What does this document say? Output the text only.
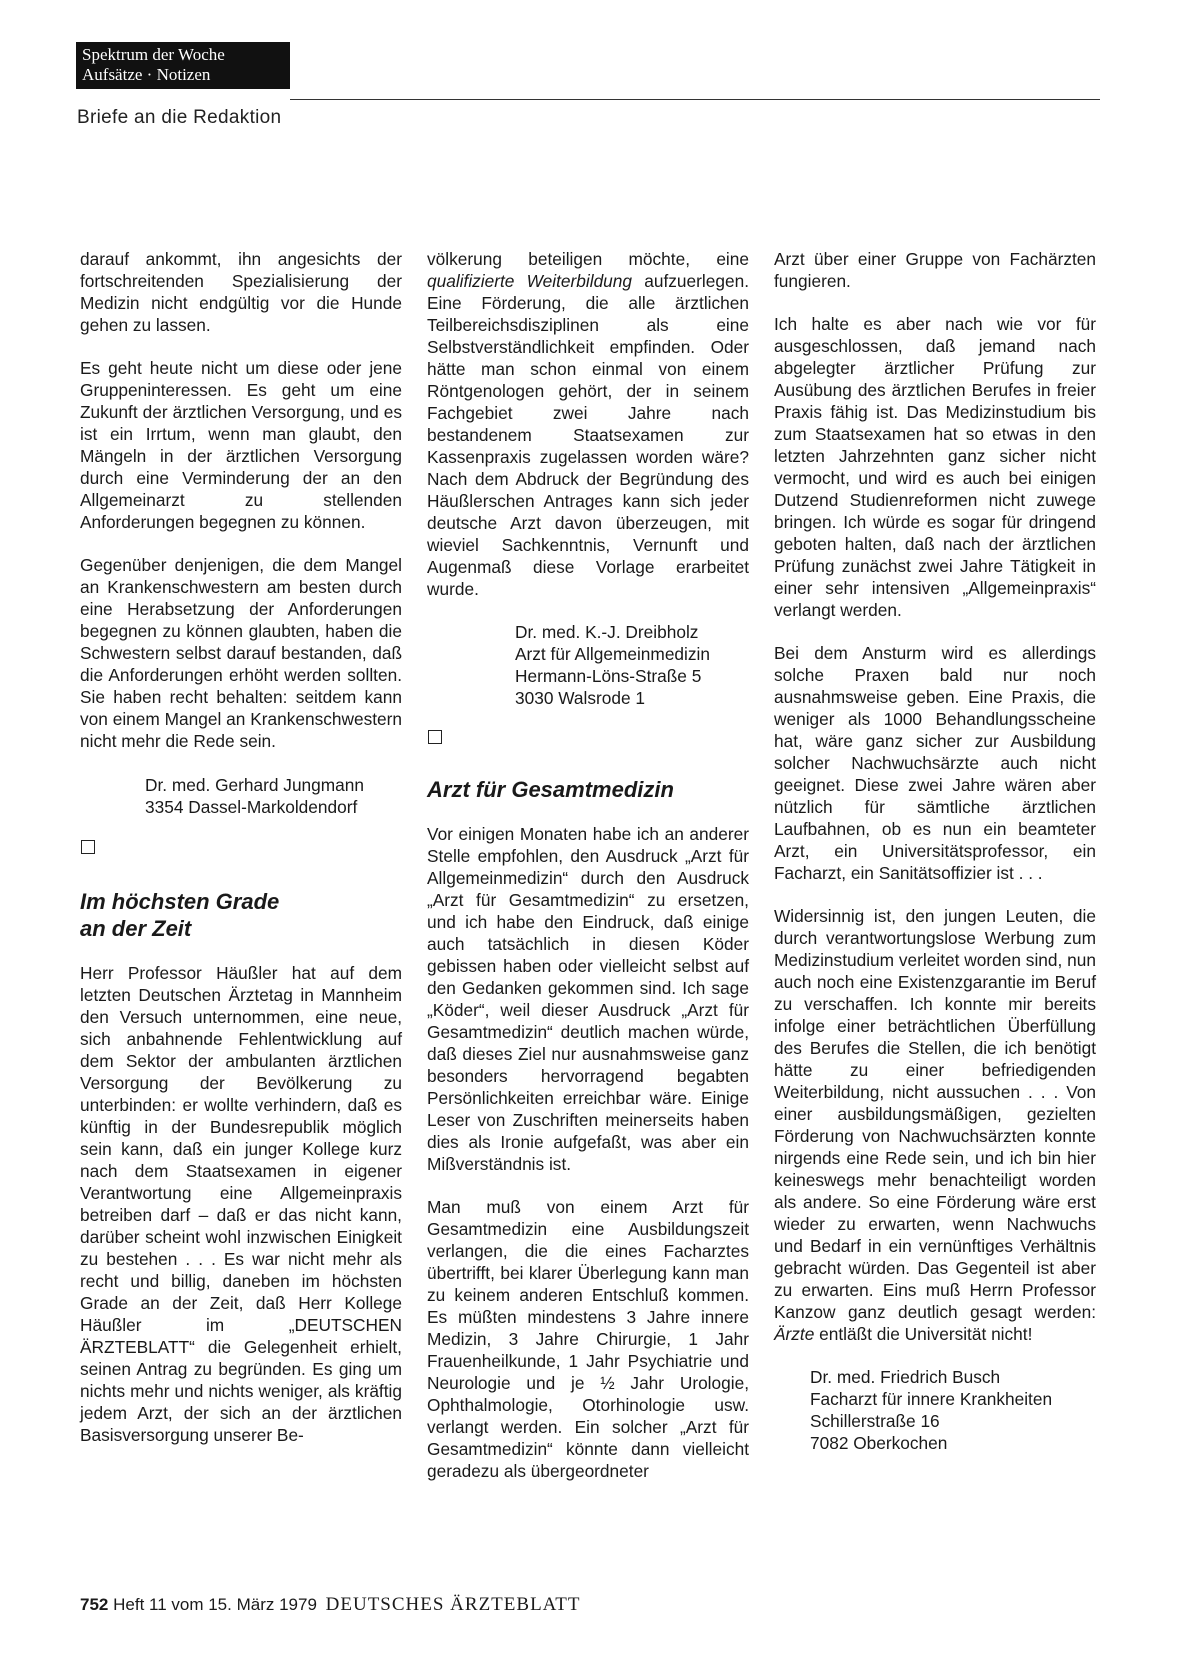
Spektrum der Woche
Aufsätze · Notizen
Briefe an die Redaktion

darauf ankommt, ihn angesichts der fortschreitenden Spezialisierung der Medizin nicht endgültig vor die Hunde gehen zu lassen.

Es geht heute nicht um diese oder jene Gruppeninteressen. Es geht um eine Zukunft der ärztlichen Versorgung, und es ist ein Irrtum, wenn man glaubt, den Mängeln in der ärztlichen Versorgung durch eine Verminderung der an den Allgemeinarzt zu stellenden Anforderungen begegnen zu können.

Gegenüber denjenigen, die dem Mangel an Krankenschwestern am besten durch eine Herabsetzung der Anforderungen begegnen zu können glaubten, haben die Schwestern selbst darauf bestanden, daß die Anforderungen erhöht werden sollten. Sie haben recht behalten: seitdem kann von einem Mangel an Krankenschwestern nicht mehr die Rede sein.

Dr. med. Gerhard Jungmann
3354 Dassel-Markoldendorf
Im höchsten Grade
an der Zeit

Herr Professor Häußler hat auf dem letzten Deutschen Ärztetag in Mannheim den Versuch unternommen, eine neue, sich anbahnende Fehlentwicklung auf dem Sektor der ambulanten ärztlichen Versorgung der Bevölkerung zu unterbinden: er wollte verhindern, daß es künftig in der Bundesrepublik möglich sein kann, daß ein junger Kollege kurz nach dem Staatsexamen in eigener Verantwortung eine Allgemeinpraxis betreiben darf – daß er das nicht kann, darüber scheint wohl inzwischen Einigkeit zu bestehen . . . Es war nicht mehr als recht und billig, daneben im höchsten Grade an der Zeit, daß Herr Kollege Häußler im „DEUTSCHEN ÄRZTEBLATT“ die Gelegenheit erhielt, seinen Antrag zu begründen. Es ging um nichts mehr und nichts weniger, als kräftig jedem Arzt, der sich an der ärztlichen Basisversorgung unserer Be-

völkerung beteiligen möchte, eine qualifizierte Weiterbildung aufzuerlegen. Eine Förderung, die alle ärztlichen Teilbereichsdisziplinen als eine Selbstverständlichkeit empfinden. Oder hätte man schon einmal von einem Röntgenologen gehört, der in seinem Fachgebiet zwei Jahre nach bestandenem Staatsexamen zur Kassenpraxis zugelassen worden wäre? Nach dem Abdruck der Begründung des Häußlerschen Antrages kann sich jeder deutsche Arzt davon überzeugen, mit wieviel Sachkenntnis, Vernunft und Augenmaß diese Vorlage erarbeitet wurde.

Dr. med. K.-J. Dreibholz
Arzt für Allgemeinmedizin
Hermann-Löns-Straße 5
3030 Walsrode 1
Arzt für Gesamtmedizin

Vor einigen Monaten habe ich an anderer Stelle empfohlen, den Ausdruck „Arzt für Allgemeinmedizin“ durch den Ausdruck „Arzt für Gesamtmedizin“ zu ersetzen, und ich habe den Eindruck, daß einige auch tatsächlich in diesen Köder gebissen haben oder vielleicht selbst auf den Gedanken gekommen sind. Ich sage „Köder“, weil dieser Ausdruck „Arzt für Gesamtmedizin“ deutlich machen würde, daß dieses Ziel nur ausnahmsweise ganz besonders hervorragend begabten Persönlichkeiten erreichbar wäre. Einige Leser von Zuschriften meinerseits haben dies als Ironie aufgefaßt, was aber ein Mißverständnis ist.

Man muß von einem Arzt für Gesamtmedizin eine Ausbildungszeit verlangen, die die eines Facharztes übertrifft, bei klarer Überlegung kann man zu keinem anderen Entschluß kommen. Es müßten mindestens 3 Jahre innere Medizin, 3 Jahre Chirurgie, 1 Jahr Frauenheilkunde, 1 Jahr Psychiatrie und Neurologie und je ½ Jahr Urologie, Ophthalmologie, Otorhinologie usw. verlangt werden. Ein solcher „Arzt für Gesamtmedizin“ könnte dann vielleicht geradezu als übergeordneter

Arzt über einer Gruppe von Fachärzten fungieren.

Ich halte es aber nach wie vor für ausgeschlossen, daß jemand nach abgelegter ärztlicher Prüfung zur Ausübung des ärztlichen Berufes in freier Praxis fähig ist. Das Medizinstudium bis zum Staatsexamen hat so etwas in den letzten Jahrzehnten ganz sicher nicht vermocht, und wird es auch bei einigen Dutzend Studienreformen nicht zuwege bringen. Ich würde es sogar für dringend geboten halten, daß nach der ärztlichen Prüfung zunächst zwei Jahre Tätigkeit in einer sehr intensiven „Allgemeinpraxis“ verlangt werden.

Bei dem Ansturm wird es allerdings solche Praxen bald nur noch ausnahmsweise geben. Eine Praxis, die weniger als 1000 Behandlungsscheine hat, wäre ganz sicher zur Ausbildung solcher Nachwuchsärzte auch nicht geeignet. Diese zwei Jahre wären aber nützlich für sämtliche ärztlichen Laufbahnen, ob es nun ein beamteter Arzt, ein Universitätsprofessor, ein Facharzt, ein Sanitätsoffizier ist . . .

Widersinnig ist, den jungen Leuten, die durch verantwortungslose Werbung zum Medizinstudium verleitet worden sind, nun auch noch eine Existenzgarantie im Beruf zu verschaffen. Ich konnte mir bereits infolge einer beträchtlichen Überfüllung des Berufes die Stellen, die ich benötigt hätte zu einer befriedigenden Weiterbildung, nicht aussuchen . . . Von einer ausbildungsmäßigen, gezielten Förderung von Nachwuchsärzten konnte nirgends eine Rede sein, und ich bin hier keineswegs mehr benachteiligt worden als andere. So eine Förderung wäre erst wieder zu erwarten, wenn Nachwuchs und Bedarf in ein vernünftiges Verhältnis gebracht würden. Das Gegenteil ist aber zu erwarten. Eins muß Herrn Professor Kanzow ganz deutlich gesagt werden: Ärzte entläßt die Universität nicht!

Dr. med. Friedrich Busch
Facharzt für innere Krankheiten
Schillerstraße 16
7082 Oberkochen
752 Heft 11 vom 15. März 1979 DEUTSCHES ÄRZTEBLATT
